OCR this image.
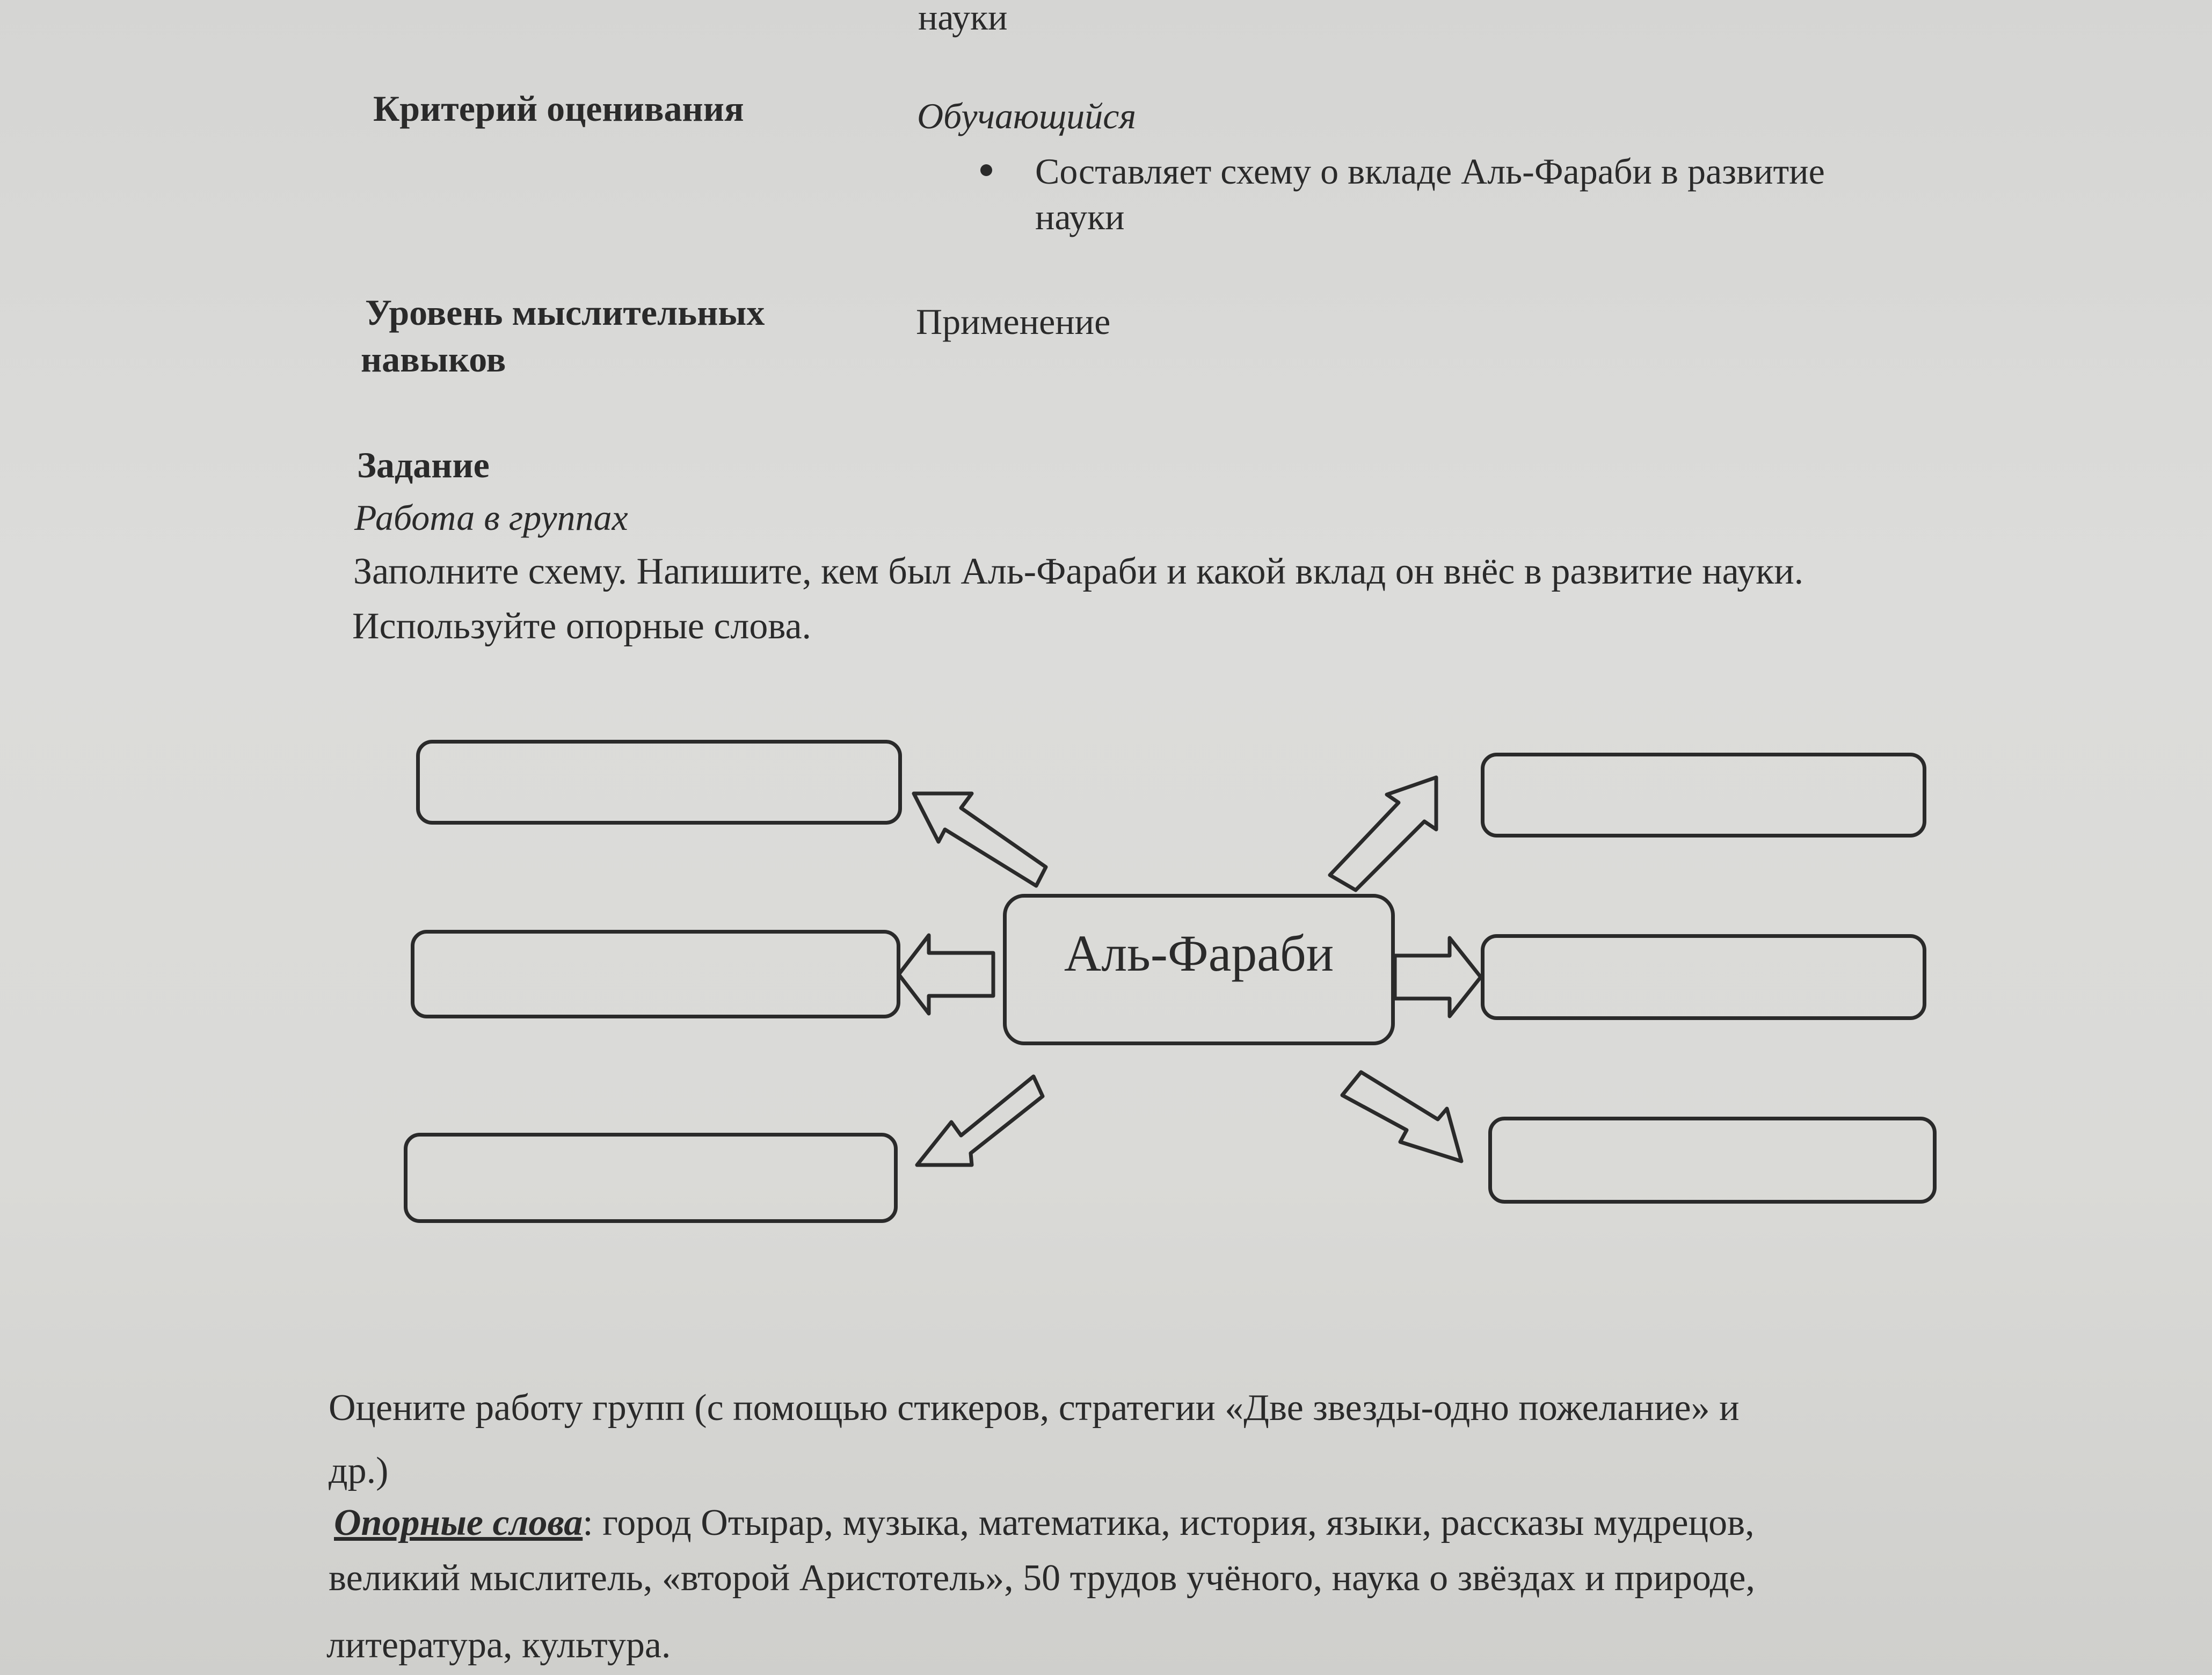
науки
Критерий оценивания	Обучающийся
Составляет схему о вкладе Аль-Фараби в развитие
науки
Уровень мыслительных
навыков
Применение
Задание
Работа в группах
Заполните схему. Напишите, кем был Аль-Фараби и какой вклад он внёс в развитие науки.
Используйте опорные слова.
Аль-Фараби
Оцените работу групп (с помощью стикеров, стратегии «Две звезды-одно пожелание» и
др.)
Опорные слова: город Отырар, музыка, математика, история, языки, рассказы мудрецов,
великий мыслитель, «второй Аристотель», 50 трудов учёного, наука о звёздах и природе,
литература, культура.
